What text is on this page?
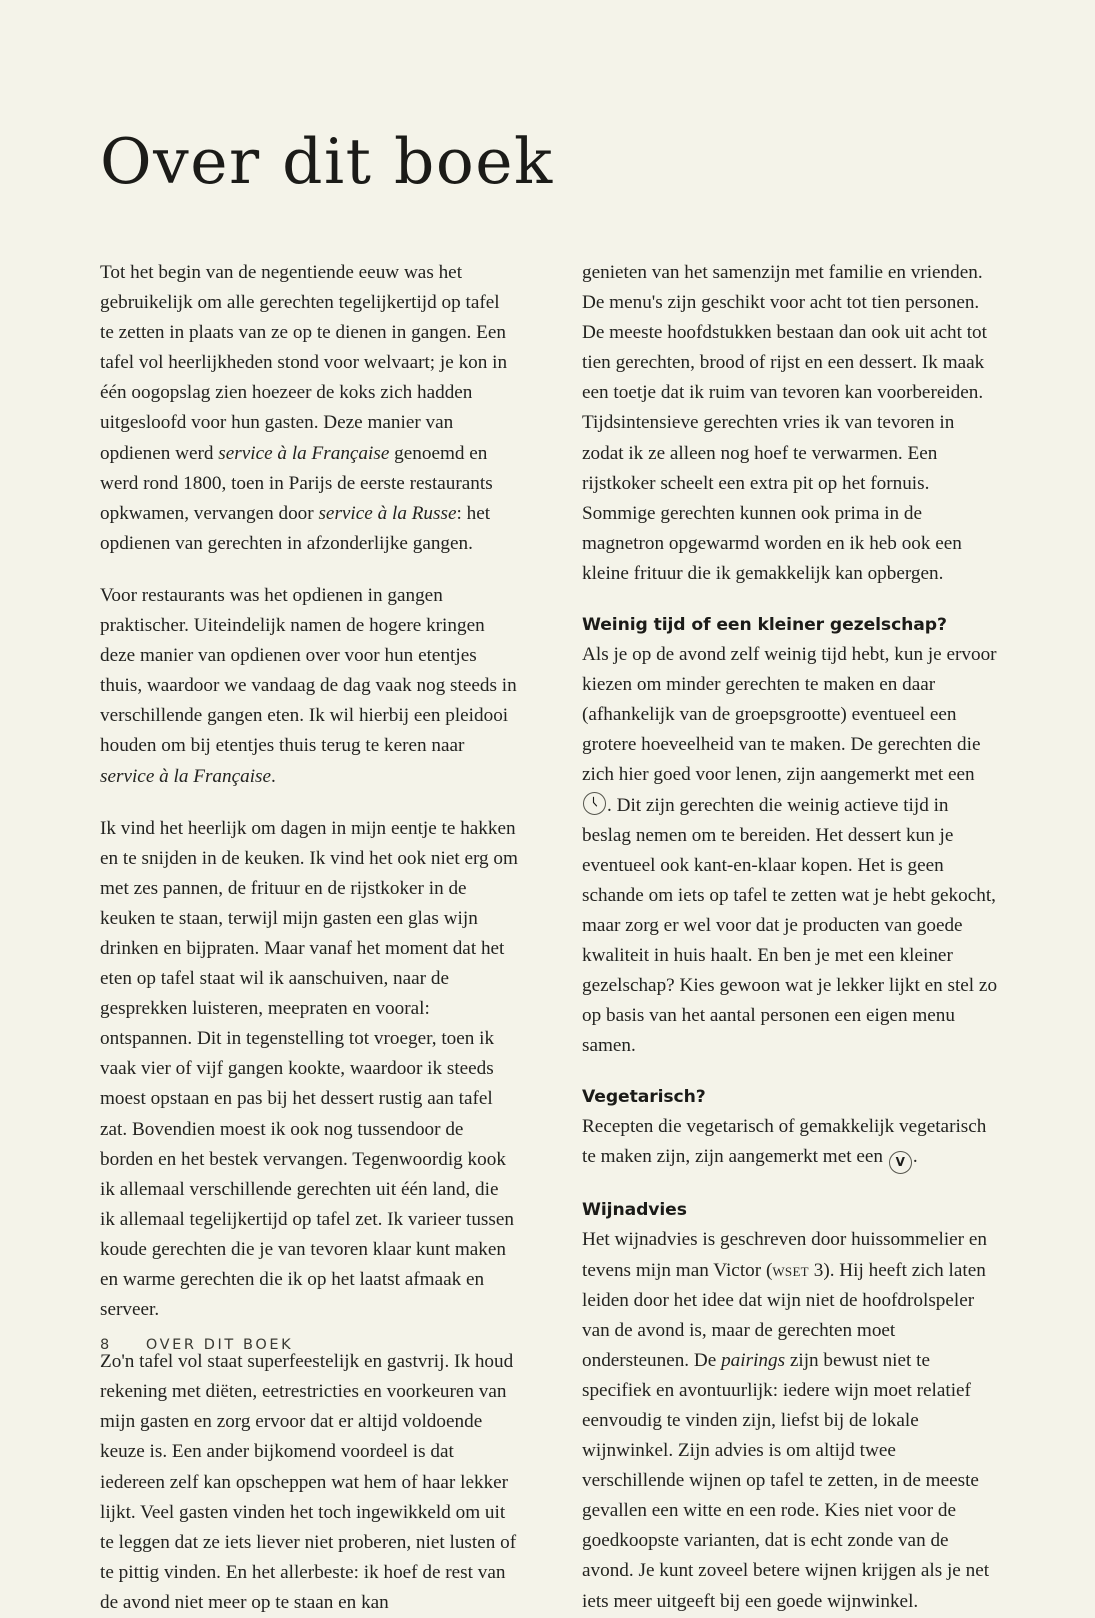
Over dit boek

Tot het begin van de negentiende eeuw was het gebruikelijk om alle gerechten tegelijkertijd op tafel te zetten in plaats van ze op te dienen in gangen. Een tafel vol heerlijkheden stond voor welvaart; je kon in één oogopslag zien hoezeer de koks zich hadden uitgesloofd voor hun gasten. Deze manier van opdienen werd service à la Française genoemd en werd rond 1800, toen in Parijs de eerste restaurants opkwamen, vervangen door service à la Russe: het opdienen van gerechten in afzonderlijke gangen.

Voor restaurants was het opdienen in gangen praktischer. Uiteindelijk namen de hogere kringen deze manier van opdienen over voor hun etentjes thuis, waardoor we vandaag de dag vaak nog steeds in verschillende gangen eten. Ik wil hierbij een pleidooi houden om bij etentjes thuis terug te keren naar service à la Française.

Ik vind het heerlijk om dagen in mijn eentje te hakken en te snijden in de keuken. Ik vind het ook niet erg om met zes pannen, de frituur en de rijstkoker in de keuken te staan, terwijl mijn gasten een glas wijn drinken en bijpraten. Maar vanaf het moment dat het eten op tafel staat wil ik aanschuiven, naar de gesprekken luisteren, meepraten en vooral: ontspannen. Dit in tegenstelling tot vroeger, toen ik vaak vier of vijf gangen kookte, waardoor ik steeds moest opstaan en pas bij het dessert rustig aan tafel zat. Bovendien moest ik ook nog tussendoor de borden en het bestek vervangen. Tegenwoordig kook ik allemaal verschillende gerechten uit één land, die ik allemaal tegelijkertijd op tafel zet. Ik varieer tussen koude gerechten die je van tevoren klaar kunt maken en warme gerechten die ik op het laatst afmaak en serveer.

Zo'n tafel vol staat superfeestelijk en gastvrij. Ik houd rekening met diëten, eetrestricties en voorkeuren van mijn gasten en zorg ervoor dat er altijd voldoende keuze is. Een ander bijkomend voordeel is dat iedereen zelf kan opscheppen wat hem of haar lekker lijkt. Veel gasten vinden het toch ingewikkeld om uit te leggen dat ze iets liever niet proberen, niet lusten of te pittig vinden. En het allerbeste: ik hoef de rest van de avond niet meer op te staan en kan

genieten van het samenzijn met familie en vrienden. De menu's zijn geschikt voor acht tot tien personen. De meeste hoofdstukken bestaan dan ook uit acht tot tien gerechten, brood of rijst en een dessert. Ik maak een toetje dat ik ruim van tevoren kan voorbereiden. Tijdsintensieve gerechten vries ik van tevoren in zodat ik ze alleen nog hoef te verwarmen. Een rijstkoker scheelt een extra pit op het fornuis. Sommige gerechten kunnen ook prima in de magnetron opgewarmd worden en ik heb ook een kleine frituur die ik gemakkelijk kan opbergen.

Weinig tijd of een kleiner gezelschap?

Als je op de avond zelf weinig tijd hebt, kun je ervoor kiezen om minder gerechten te maken en daar (afhankelijk van de groepsgrootte) eventueel een grotere hoeveelheid van te maken. De gerechten die zich hier goed voor lenen, zijn aangemerkt met een
. Dit zijn gerechten die weinig actieve tijd in beslag nemen om te bereiden. Het dessert kun je eventueel ook kant-en-klaar kopen. Het is geen schande om iets op tafel te zetten wat je hebt gekocht, maar zorg er wel voor dat je producten van goede kwaliteit in huis haalt. En ben je met een kleiner gezelschap? Kies gewoon wat je lekker lijkt en stel zo op basis van het aantal personen een eigen menu samen.

Vegetarisch?

Recepten die vegetarisch of gemakkelijk vegetarisch te maken zijn, zijn aangemerkt met een V .

Wijnadvies

Het wijnadvies is geschreven door huissommelier en tevens mijn man Victor (wset 3). Hij heeft zich laten leiden door het idee dat wijn niet de hoofdrolspeler van de avond is, maar de gerechten moet ondersteunen. De pairings zijn bewust niet te specifiek en avontuurlijk: iedere wijn moet relatief eenvoudig te vinden zijn, liefst bij de lokale wijnwinkel. Zijn advies is om altijd twee verschillende wijnen op tafel te zetten, in de meeste gevallen een witte en een rode. Kies niet voor de goedkoopste varianten, dat is echt zonde van de avond. Je kunt zoveel betere wijnen krijgen als je net iets meer uitgeeft bij een goede wijnwinkel.

8 OVER DIT BOEK
